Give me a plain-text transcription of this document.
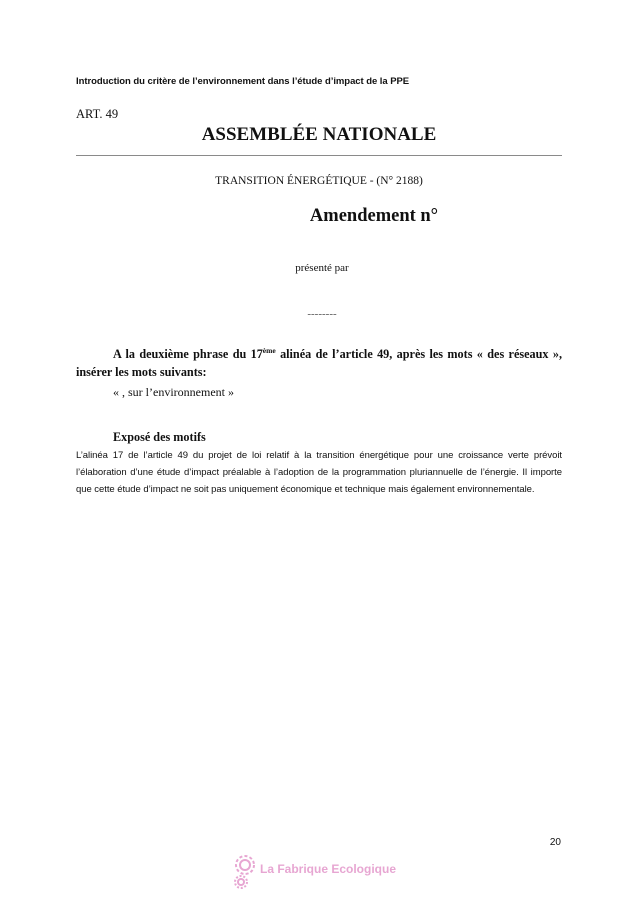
Introduction du critère de l’environnement dans l’étude d’impact de la PPE
ART. 49
ASSEMBLÉE NATIONALE
TRANSITION ÉNERGÉTIQUE - (N° 2188)
Amendement n°
présenté par
--------
A la deuxième phrase du 17ème alinéa de l’article 49, après les mots « des réseaux », insérer les mots suivants:
« , sur l’environnement »
Exposé des motifs
L’alinéa 17 de l’article 49 du projet de loi relatif à la transition énergétique pour une croissance verte prévoit l’élaboration d’une étude d’impact préalable à l’adoption de la programmation pluriannuelle de l’énergie. Il importe que cette étude d’impact ne soit pas uniquement économique et technique mais également environnementale.
20
La Fabrique Ecologique
